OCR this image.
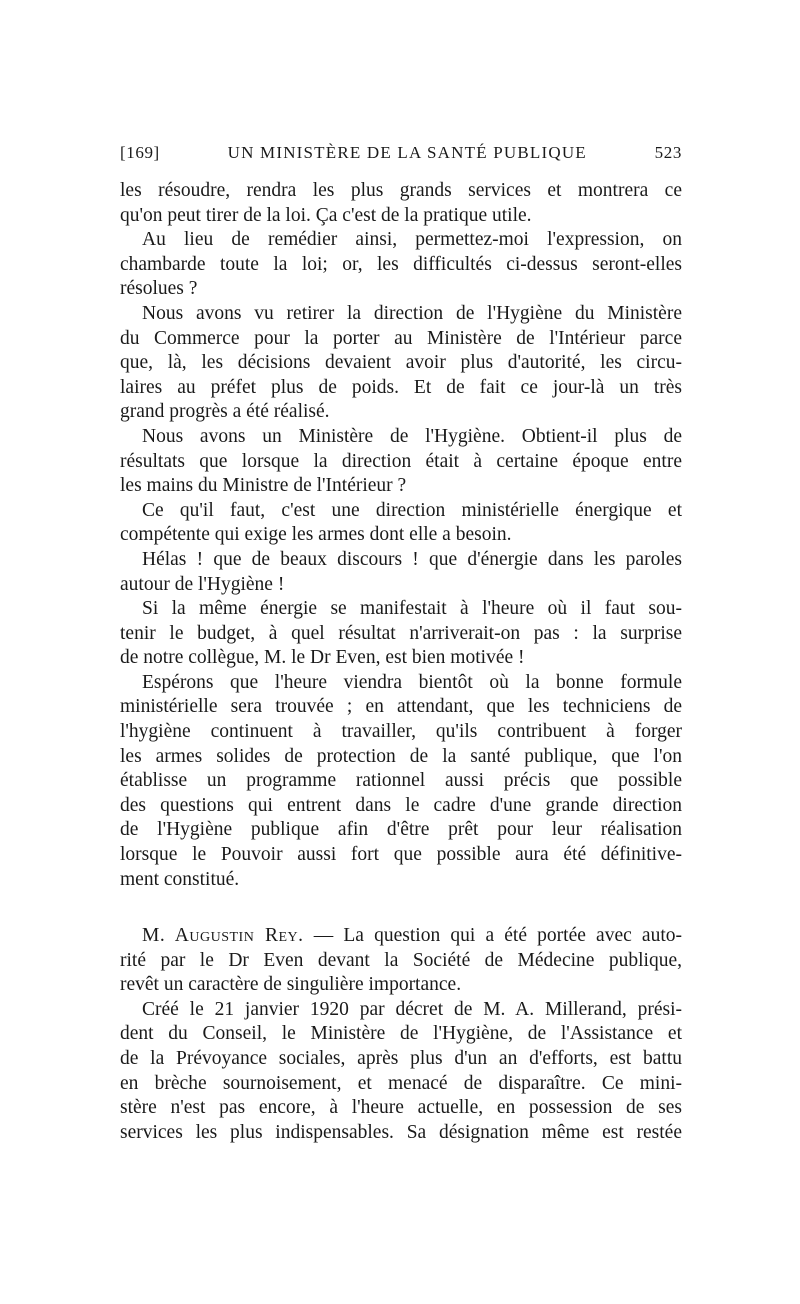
[169]	UN MINISTÈRE DE LA SANTÉ PUBLIQUE	523
les résoudre, rendra les plus grands services et montrera ce
qu'on peut tirer de la loi. Ça c'est de la pratique utile.
Au lieu de remédier ainsi, permettez-moi l'expression, on
chambarde toute la loi; or, les difficultés ci-dessus seront-elles
résolues ?
Nous avons vu retirer la direction de l'Hygiène du Ministère
du Commerce pour la porter au Ministère de l'Intérieur parce
que, là, les décisions devaient avoir plus d'autorité, les circu-
laires au préfet plus de poids. Et de fait ce jour-là un très
grand progrès a été réalisé.
Nous avons un Ministère de l'Hygiène. Obtient-il plus de
résultats que lorsque la direction était à certaine époque entre
les mains du Ministre de l'Intérieur ?
Ce qu'il faut, c'est une direction ministérielle énergique et
compétente qui exige les armes dont elle a besoin.
Hélas ! que de beaux discours ! que d'énergie dans les paroles
autour de l'Hygiène !
Si la même énergie se manifestait à l'heure où il faut sou-
tenir le budget, à quel résultat n'arriverait-on pas : la surprise
de notre collègue, M. le Dr Even, est bien motivée !
Espérons que l'heure viendra bientôt où la bonne formule
ministérielle sera trouvée ; en attendant, que les techniciens de
l'hygiène continuent à travailler, qu'ils contribuent à forger
les armes solides de protection de la santé publique, que l'on
établisse un programme rationnel aussi précis que possible
des questions qui entrent dans le cadre d'une grande direction
de l'Hygiène publique afin d'être prêt pour leur réalisation
lorsque le Pouvoir aussi fort que possible aura été définitive-
ment constitué.
M. Augustin Rey. — La question qui a été portée avec auto-
rité par le Dr Even devant la Société de Médecine publique,
revêt un caractère de singulière importance.
Créé le 21 janvier 1920 par décret de M. A. Millerand, prési-
dent du Conseil, le Ministère de l'Hygiène, de l'Assistance et
de la Prévoyance sociales, après plus d'un an d'efforts, est battu
en brèche sournoisement, et menacé de disparaître. Ce mini-
stère n'est pas encore, à l'heure actuelle, en possession de ses
services les plus indispensables. Sa désignation même est restée
